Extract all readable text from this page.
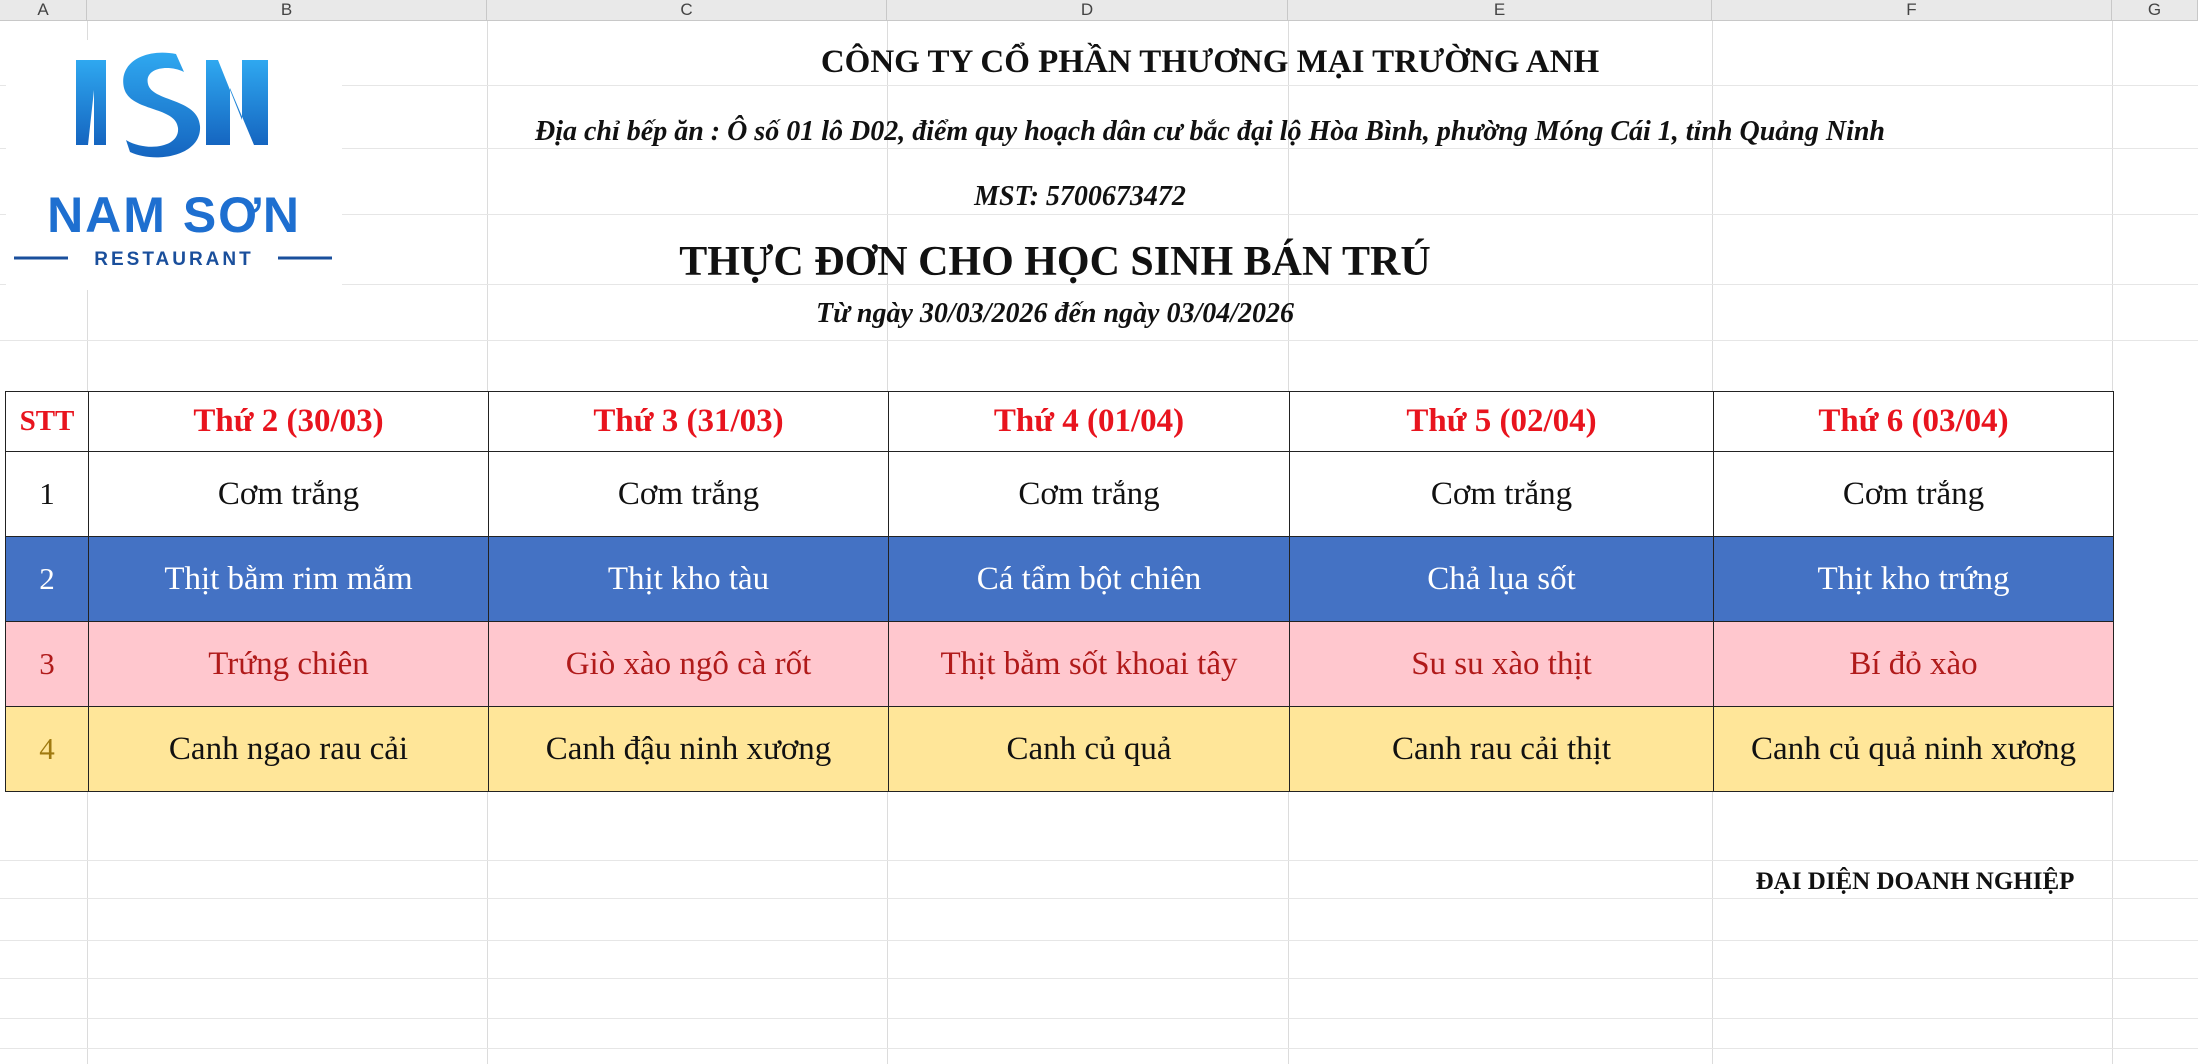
A	B	C	D	E	F	G
NAM SƠN
RESTAURANT
CÔNG TY CỔ PHẦN THƯƠNG MẠI TRƯỜNG ANH
Địa chỉ bếp ăn : Ô số 01 lô D02, điểm quy hoạch dân cư bắc đại lộ Hòa Bình, phường Móng Cái 1, tỉnh Quảng Ninh
MST: 5700673472
THỰC ĐƠN CHO HỌC SINH BÁN TRÚ
Từ ngày 30/03/2026 đến ngày 03/04/2026
STT	Thứ 2 (30/03)	Thứ 3 (31/03)	Thứ 4 (01/04)	Thứ 5 (02/04)	Thứ 6 (03/04)
1	Cơm trắng	Cơm trắng	Cơm trắng	Cơm trắng	Cơm trắng
2	Thịt bằm rim mắm	Thịt kho tàu	Cá tẩm bột chiên	Chả lụa sốt	Thịt kho trứng
3	Trứng chiên	Giò xào ngô cà rốt	Thịt bằm sốt khoai tây	Su su xào thịt	Bí đỏ xào
4	Canh ngao rau cải	Canh đậu ninh xương	Canh củ quả	Canh rau cải thịt	Canh củ quả ninh xương
ĐẠI DIỆN DOANH NGHIỆP
